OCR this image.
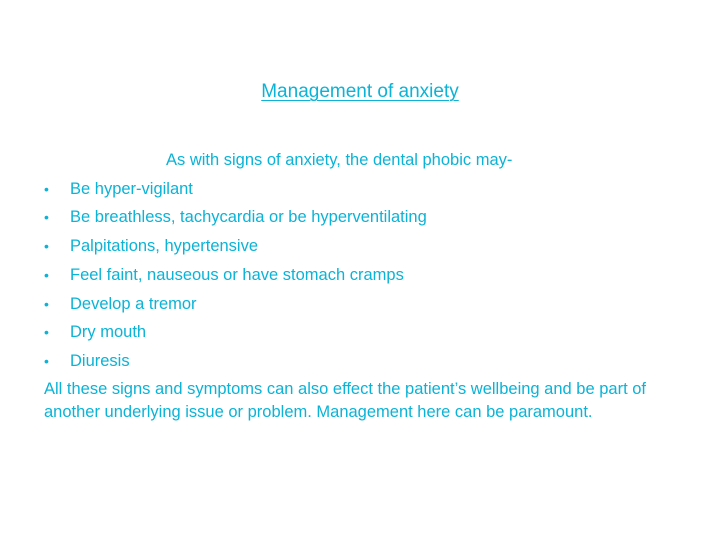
Management of anxiety
As with signs of anxiety, the dental phobic may-
• Be hyper-vigilant
• Be breathless, tachycardia or be hyperventilating
• Palpitations, hypertensive
• Feel faint, nauseous or have stomach cramps
• Develop a tremor
• Dry mouth
• Diuresis
All these signs and symptoms can also effect the patient’s wellbeing and be part of another underlying issue or problem. Management here can be paramount.
